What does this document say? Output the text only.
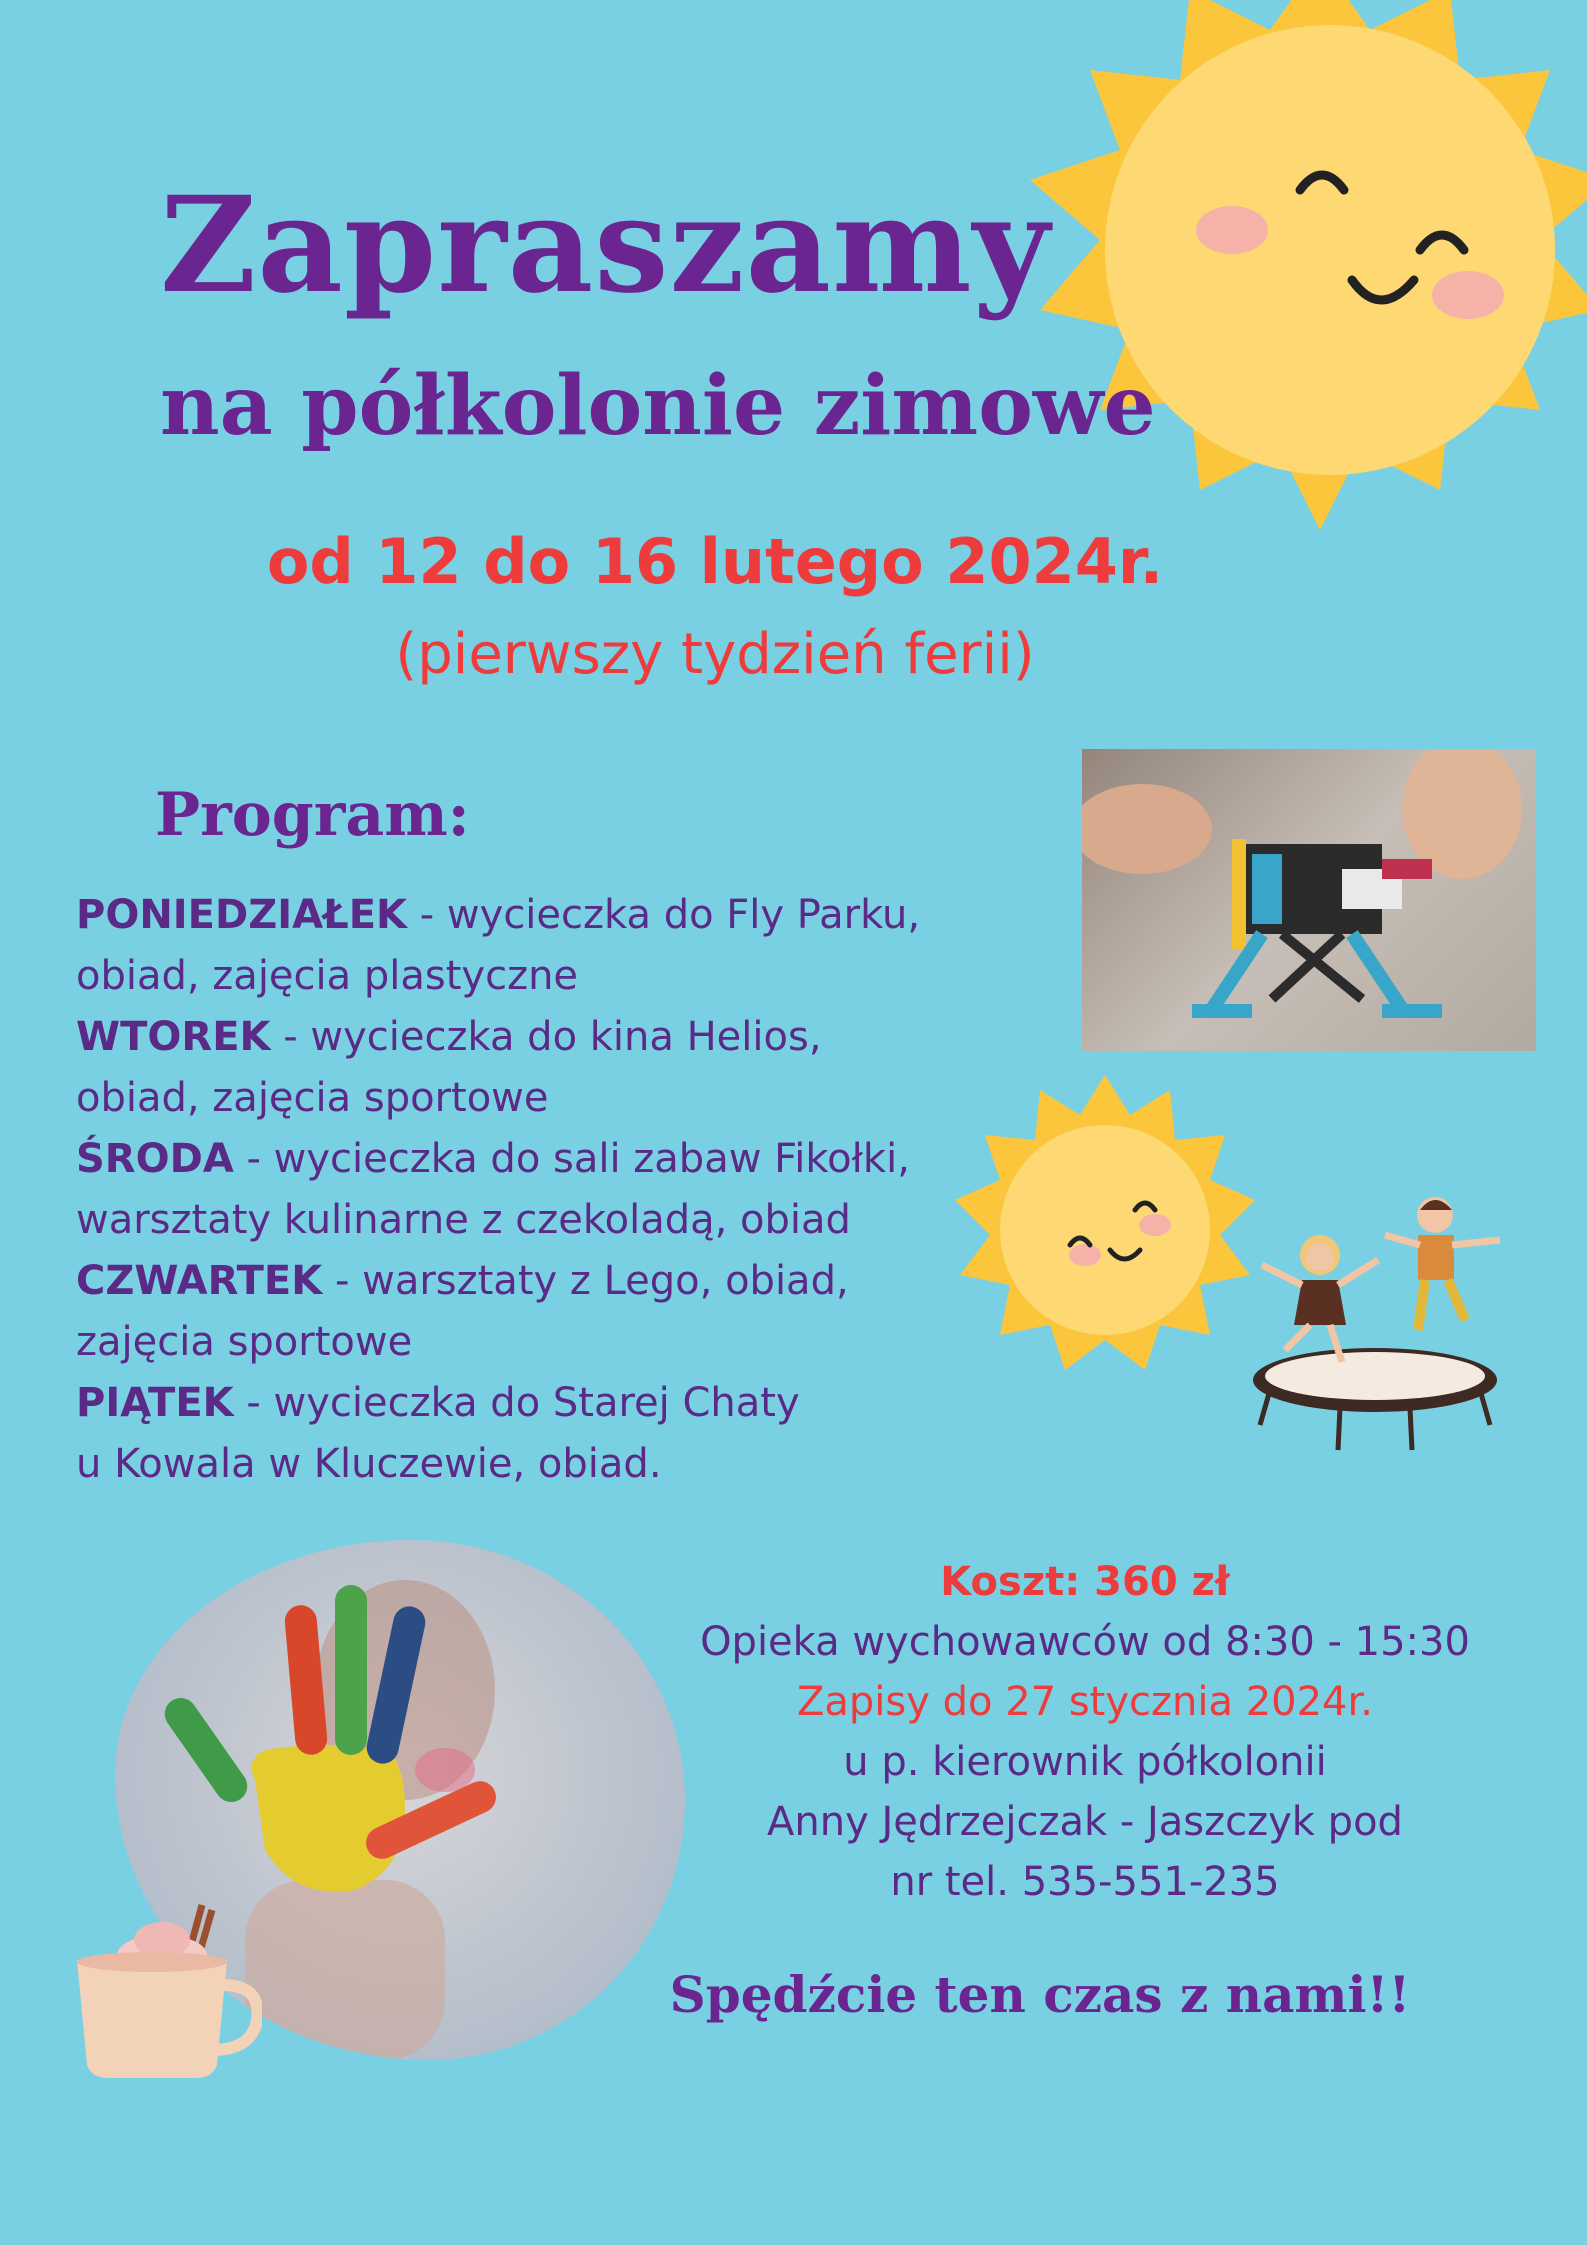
Zapraszamy
na półkolonie zimowe
od 12 do 16 lutego 2024r.
(pierwszy tydzień ferii)
Program:
PONIEDZIAŁEK - wycieczka do Fly Parku,
obiad, zajęcia plastyczne
WTOREK - wycieczka do kina Helios,
obiad, zajęcia sportowe
ŚRODA - wycieczka do sali zabaw Fikołki,
warsztaty kulinarne z czekoladą, obiad
CZWARTEK - warsztaty z Lego, obiad,
zajęcia sportowe
PIĄTEK - wycieczka do Starej Chaty
u Kowala w Kluczewie, obiad.
Koszt: 360 zł
Opieka wychowawców od 8:30 - 15:30
Zapisy do 27 stycznia 2024r.
u p. kierownik półkolonii
Anny Jędrzejczak - Jaszczyk pod
nr tel. 535-551-235
Spędźcie ten czas z nami!!
